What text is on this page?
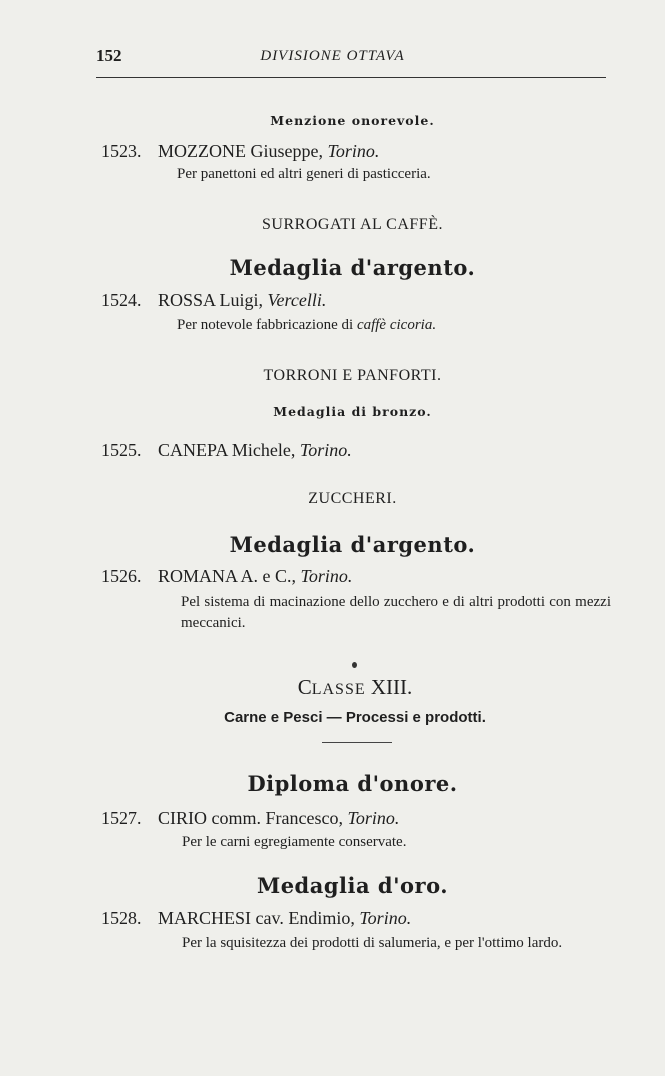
152	DIVISIONE OTTAVA
Menzione onorevole.
1523. MOZZONE Giuseppe, Torino.
Per panettoni ed altri generi di pasticceria.
SURROGATI AL CAFFÈ.
Medaglia d'argento.
1524. ROSSA Luigi, Vercelli.
Per notevole fabbricazione di caffè cicoria.
TORRONI E PANFORTI.
Medaglia di bronzo.
1525. CANEPA Michele, Torino.
ZUCCHERI.
Medaglia d'argento.
1526. ROMANA A. e C., Torino.
Pel sistema di macinazione dello zucchero e di altri prodotti con mezzi meccanici.
CLASSE XIII.
Carne e Pesci — Processi e prodotti.
Diploma d'onore.
1527. CIRIO comm. Francesco, Torino.
Per le carni egregiamente conservate.
Medaglia d'oro.
1528. MARCHESI cav. Endimio, Torino.
Per la squisitezza dei prodotti di salumeria, e per l'ottimo lardo.
